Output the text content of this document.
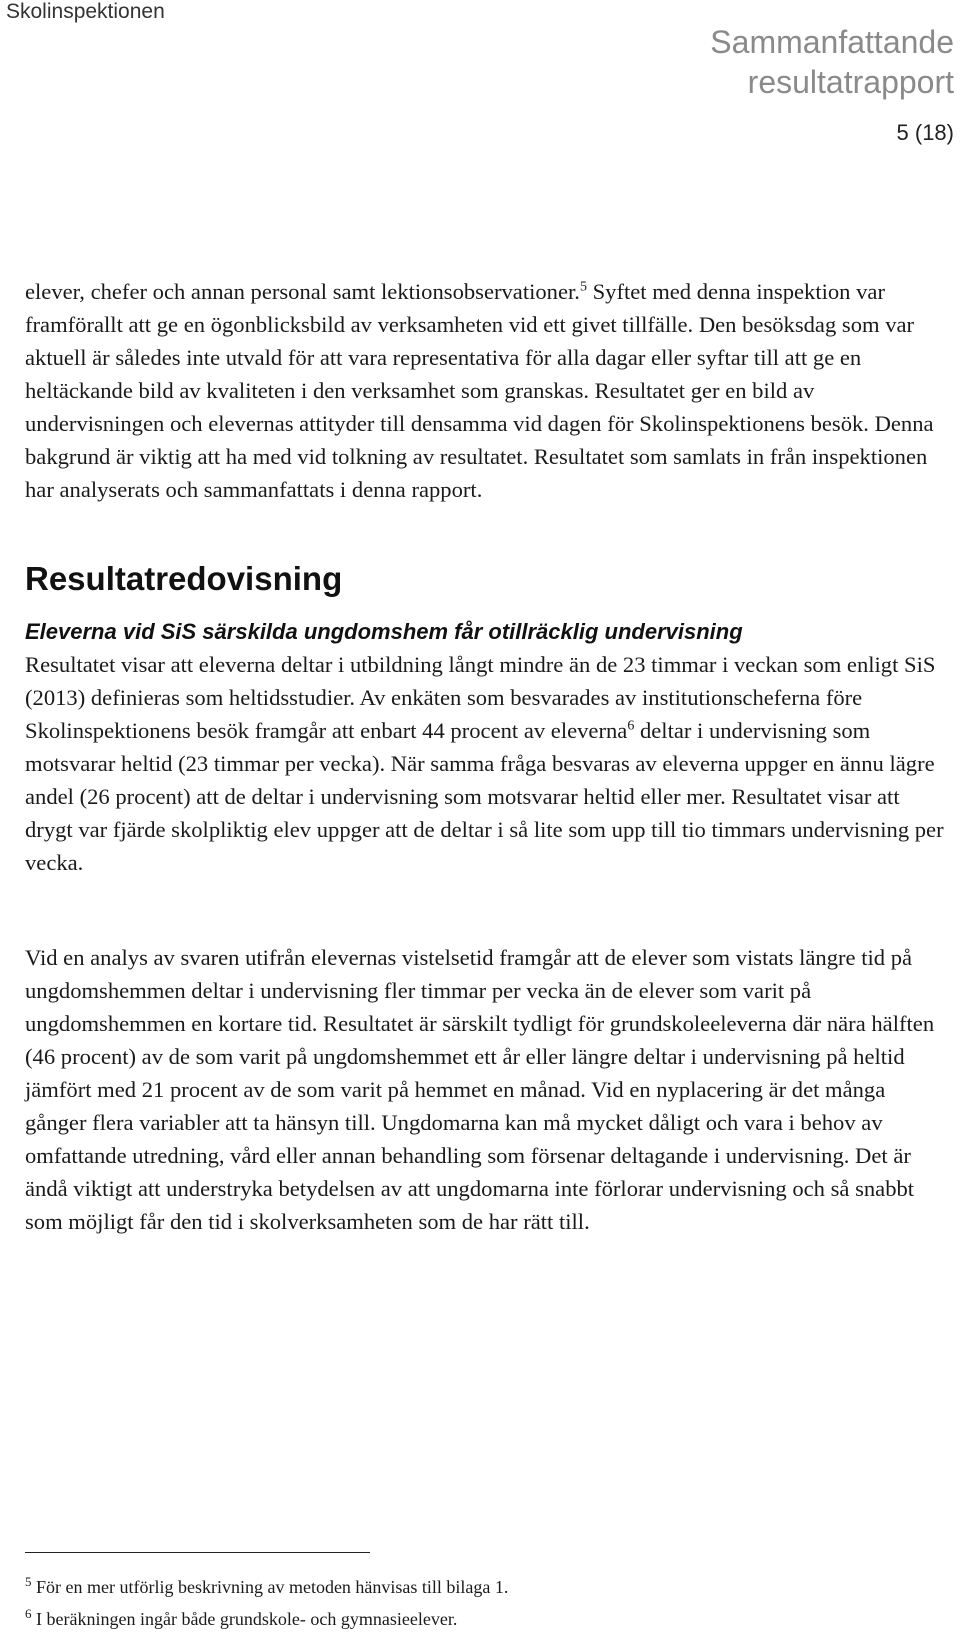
Skolinspektionen
Sammanfattande
resultatrapport
5 (18)

elever, chefer och annan personal samt lektionsobservationer.$^5$ Syftet med denna inspektion var framförallt att ge en ögonblicksbild av verksamheten vid ett givet tillfälle. Den besöksdag som var aktuell är således inte utvald för att vara representativa för alla dagar eller syftar till att ge en heltäckande bild av kvaliteten i den verksamhet som granskas. Resultatet ger en bild av undervisningen och elevernas attityder till densamma vid dagen för Skolinspektionens besök. Denna bakgrund är viktig att ha med vid tolkning av resultatet. Resultatet som samlats in från inspektionen har analyserats och sammanfattats i denna rapport.

Resultatredovisning
Eleverna vid SiS särskilda ungdomshem får otillräcklig undervisning

Resultatet visar att eleverna deltar i utbildning långt mindre än de 23 timmar i veckan som enligt SiS (2013) definieras som heltidsstudier. Av enkäten som besvarades av institutionscheferna före Skolinspektionens besök framgår att enbart 44 procent av eleverna$^6$ deltar i undervisning som motsvarar heltid (23 timmar per vecka). När samma fråga besvaras av eleverna uppger en ännu lägre andel (26 procent) att de deltar i undervisning som motsvarar heltid eller mer. Resultatet visar att drygt var fjärde skolpliktig elev uppger att de deltar i så lite som upp till tio timmars undervisning per vecka.

Vid en analys av svaren utifrån elevernas vistelsetid framgår att de elever som vistats längre tid på ungdomshemmen deltar i undervisning fler timmar per vecka än de elever som varit på ungdomshemmen en kortare tid. Resultatet är särskilt tydligt för grundskoleeleverna där nära hälften (46 procent) av de som varit på ungdomshemmet ett år eller längre deltar i undervisning på heltid jämfört med 21 procent av de som varit på hemmet en månad. Vid en nyplacering är det många gånger flera variabler att ta hänsyn till. Ungdomarna kan må mycket dåligt och vara i behov av omfattande utredning, vård eller annan behandling som försenar deltagande i undervisning. Det är ändå viktigt att understryka betydelsen av att ungdomarna inte förlorar undervisning och så snabbt som möjligt får den tid i skolverksamheten som de har rätt till.

$^5$ För en mer utförlig beskrivning av metoden hänvisas till bilaga 1.

$^6$ I beräkningen ingår både grundskole- och gymnasieelever.
